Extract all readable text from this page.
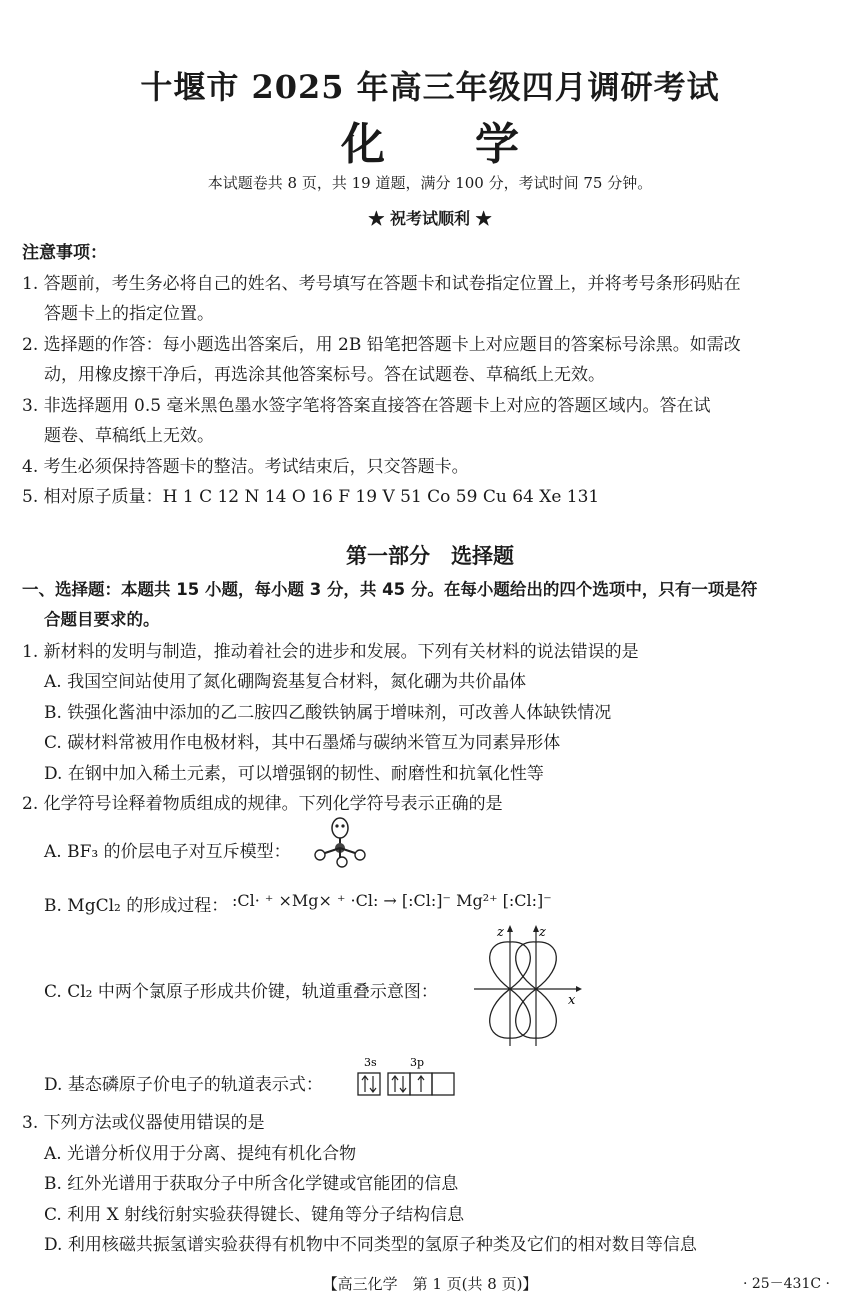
十堰市 2025 年高三年级四月调研考试
化学
本试题卷共 8 页，共 19 道题，满分 100 分，考试时间 75 分钟。
★ 祝考试顺利 ★
注意事项：
1. 答题前，考生务必将自己的姓名、考号填写在答题卡和试卷指定位置上，并将考号条形码贴在
答题卡上的指定位置。
2. 选择题的作答：每小题选出答案后，用 2B 铅笔把答题卡上对应题目的答案标号涂黑。如需改
动，用橡皮擦干净后，再选涂其他答案标号。答在试题卷、草稿纸上无效。
3. 非选择题用 0.5 毫米黑色墨水签字笔将答案直接答在答题卡上对应的答题区域内。答在试
题卷、草稿纸上无效。
4. 考生必须保持答题卡的整洁。考试结束后，只交答题卡。
5. 相对原子质量：H 1 C 12 N 14 O 16 F 19 V 51 Co 59 Cu 64 Xe 131
第一部分　选择题
一、选择题：本题共 15 小题，每小题 3 分，共 45 分。在每小题给出的四个选项中，只有一项是符
合题目要求的。
1. 新材料的发明与制造，推动着社会的进步和发展。下列有关材料的说法错误的是
A. 我国空间站使用了氮化硼陶瓷基复合材料，氮化硼为共价晶体
B. 铁强化酱油中添加的乙二胺四乙酸铁钠属于增味剂，可改善人体缺铁情况
C. 碳材料常被用作电极材料，其中石墨烯与碳纳米管互为同素异形体
D. 在钢中加入稀土元素，可以增强钢的韧性、耐磨性和抗氧化性等
2. 化学符号诠释着物质组成的规律。下列化学符号表示正确的是
A. BF₃ 的价层电子对互斥模型：
B. MgCl₂ 的形成过程： :Cl· ⁺ ×Mg× ⁺ ·Cl: → [:Cl:]⁻ Mg²⁺ [:Cl:]⁻
C. Cl₂ 中两个氯原子形成共价键，轨道重叠示意图：
z	z
x
D. 基态磷原子价电子的轨道表示式：
3s	3p
3. 下列方法或仪器使用错误的是
A. 光谱分析仪用于分离、提纯有机化合物
B. 红外光谱用于获取分子中所含化学键或官能团的信息
C. 利用 X 射线衍射实验获得键长、键角等分子结构信息
D. 利用核磁共振氢谱实验获得有机物中不同类型的氢原子种类及它们的相对数目等信息
【高三化学　第 1 页(共 8 页)】	· 25－431C ·
